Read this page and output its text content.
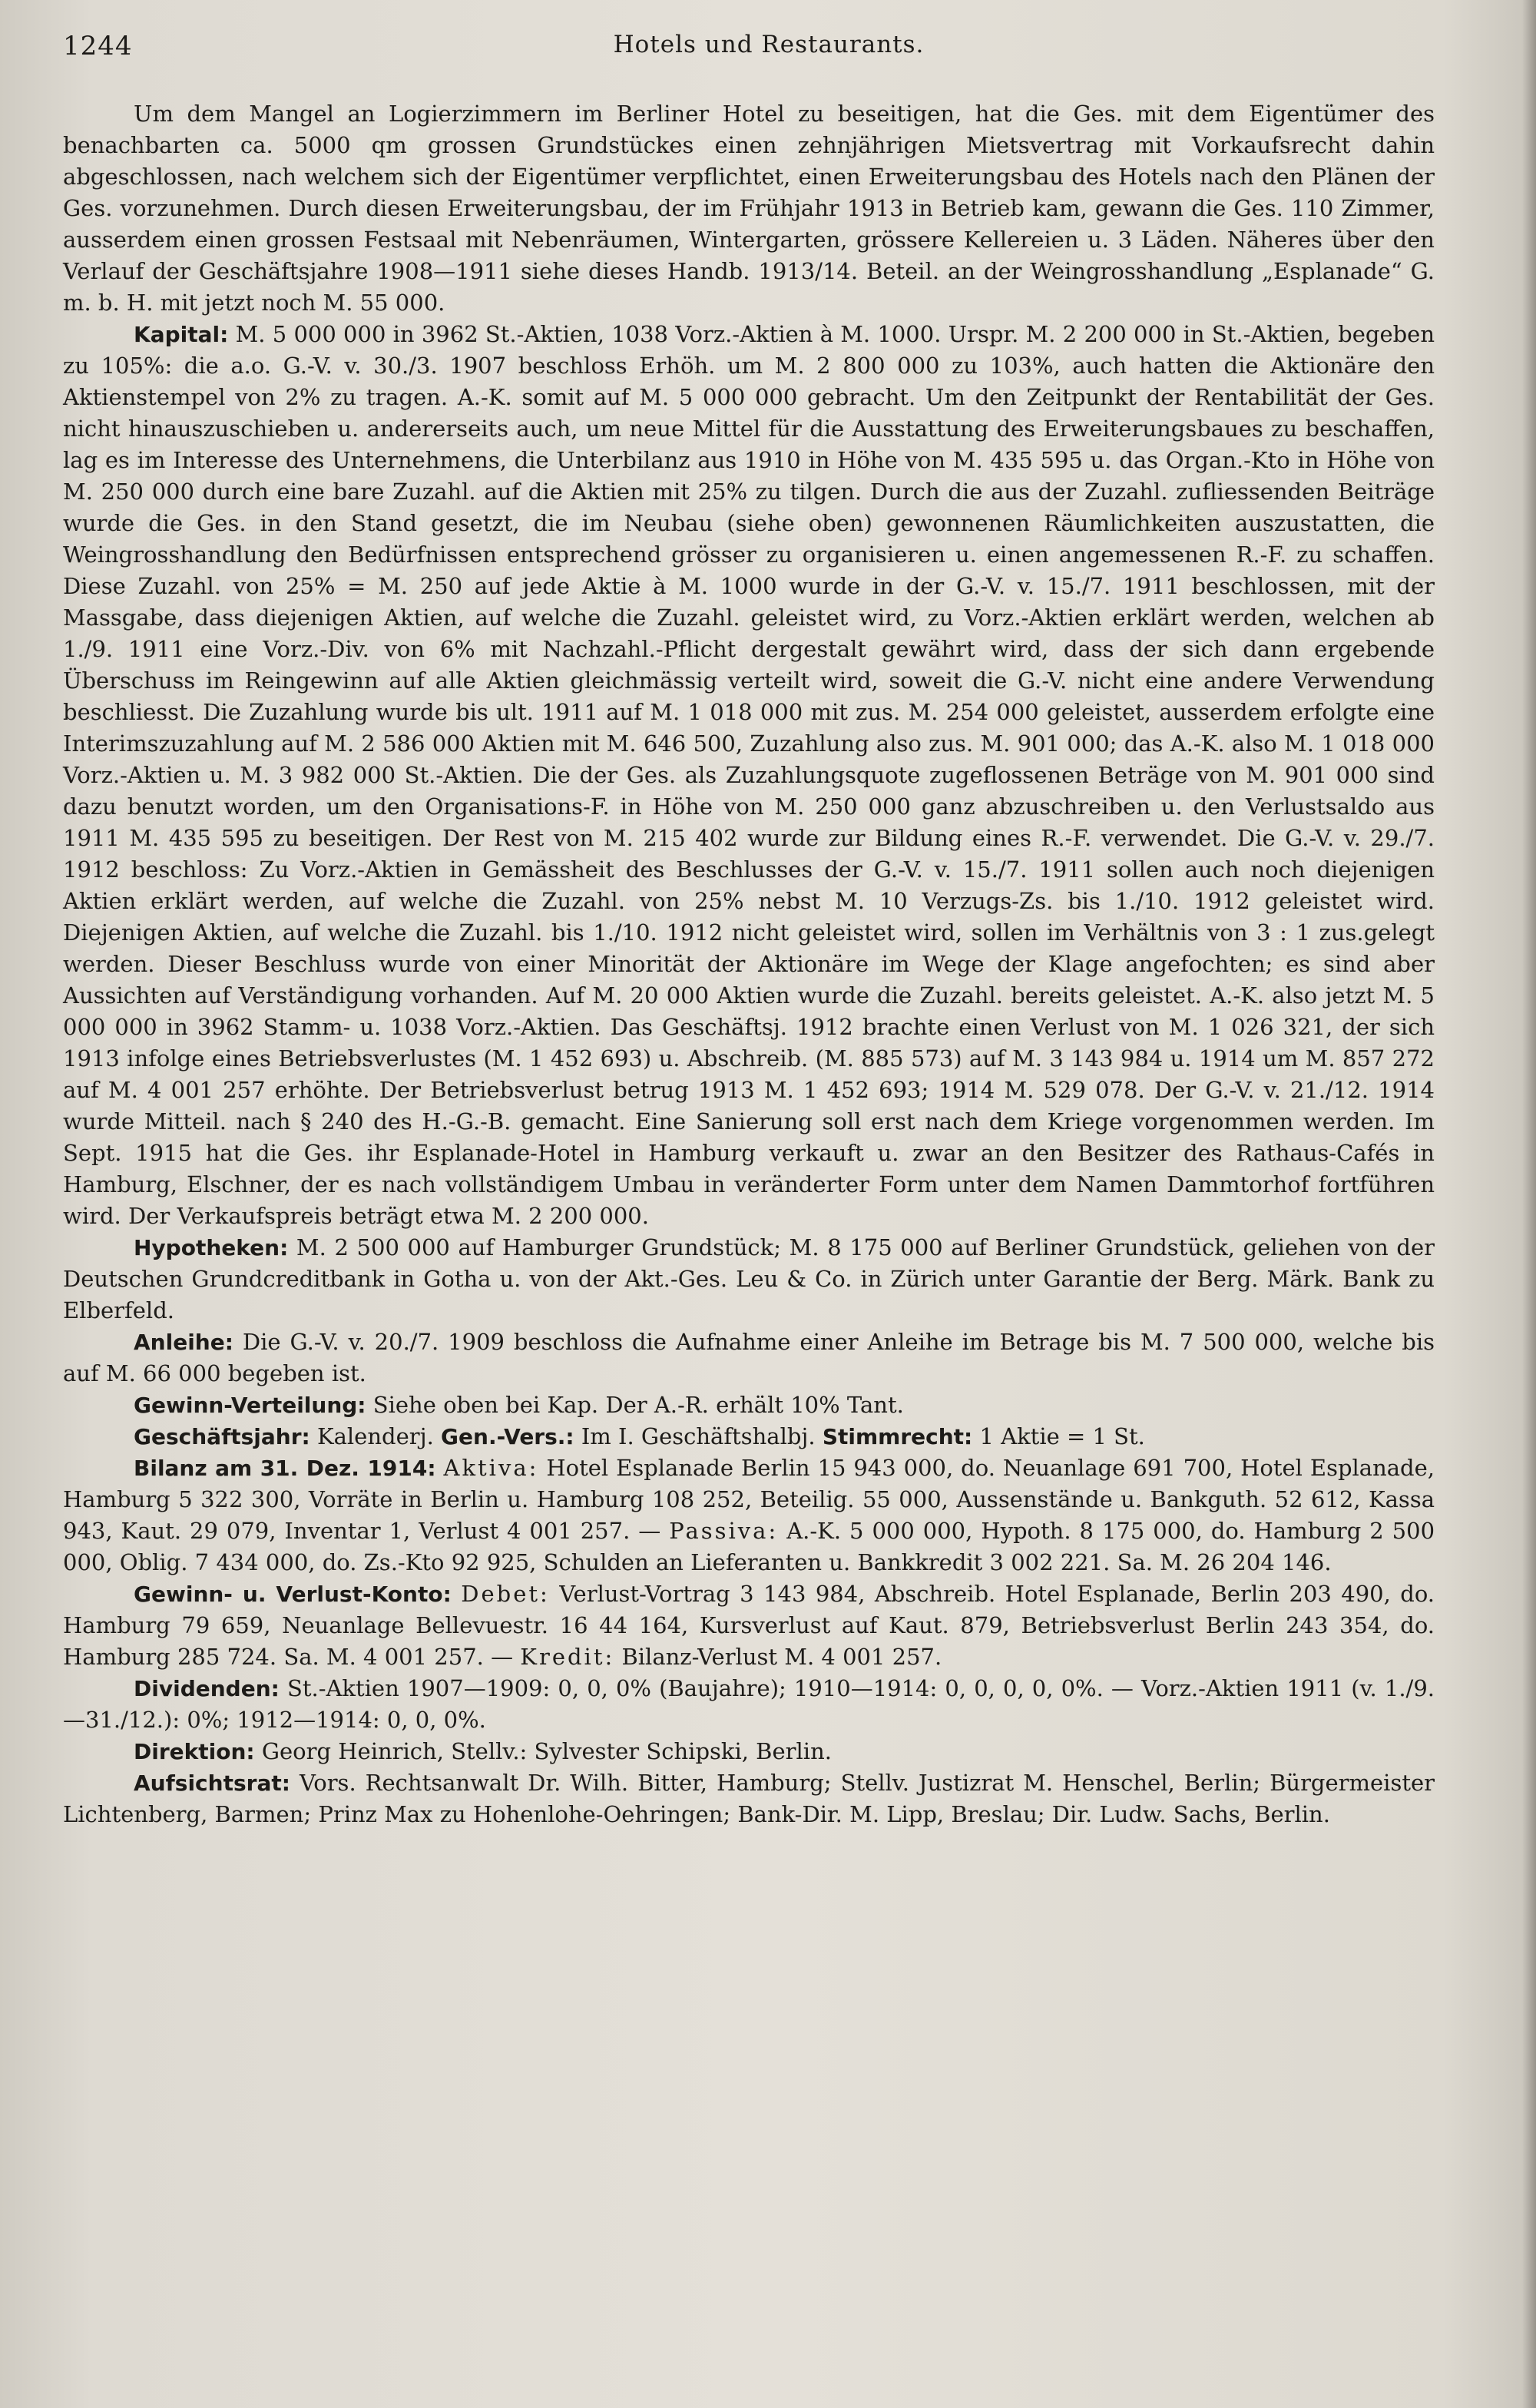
1244	Hotels und Restaurants.

Um dem Mangel an Logierzimmern im Berliner Hotel zu beseitigen, hat die Ges. mit dem Eigentümer des benachbarten ca. 5000 qm grossen Grundstückes einen zehnjährigen Mietsvertrag mit Vorkaufsrecht dahin abgeschlossen, nach welchem sich der Eigentümer verpflichtet, einen Erweiterungsbau des Hotels nach den Plänen der Ges. vorzunehmen. Durch diesen Erweiterungsbau, der im Frühjahr 1913 in Betrieb kam, gewann die Ges. 110 Zimmer, ausserdem einen grossen Festsaal mit Nebenräumen, Wintergarten, grössere Kellereien u. 3 Läden. Näheres über den Verlauf der Geschäftsjahre 1908—1911 siehe dieses Handb. 1913/14. Beteil. an der Weingrosshandlung „Esplanade“ G. m. b. H. mit jetzt noch M. 55 000.

Kapital: M. 5 000 000 in 3962 St.-Aktien, 1038 Vorz.-Aktien à M. 1000. Urspr. M. 2 200 000 in St.-Aktien, begeben zu 105%: die a.o. G.-V. v. 30./3. 1907 beschloss Erhöh. um M. 2 800 000 zu 103%, auch hatten die Aktionäre den Aktienstempel von 2% zu tragen. A.-K. somit auf M. 5 000 000 gebracht. Um den Zeitpunkt der Rentabilität der Ges. nicht hinauszuschieben u. andererseits auch, um neue Mittel für die Ausstattung des Erweiterungsbaues zu beschaffen, lag es im Interesse des Unternehmens, die Unterbilanz aus 1910 in Höhe von M. 435 595 u. das Organ.-Kto in Höhe von M. 250 000 durch eine bare Zuzahl. auf die Aktien mit 25% zu tilgen. Durch die aus der Zuzahl. zufliessenden Beiträge wurde die Ges. in den Stand gesetzt, die im Neubau (siehe oben) gewonnenen Räumlichkeiten auszustatten, die Weingrosshandlung den Bedürfnissen entsprechend grösser zu organisieren u. einen angemessenen R.-F. zu schaffen. Diese Zuzahl. von 25% = M. 250 auf jede Aktie à M. 1000 wurde in der G.-V. v. 15./7. 1911 beschlossen, mit der Massgabe, dass diejenigen Aktien, auf welche die Zuzahl. geleistet wird, zu Vorz.-Aktien erklärt werden, welchen ab 1./9. 1911 eine Vorz.-Div. von 6% mit Nachzahl.-Pflicht dergestalt gewährt wird, dass der sich dann ergebende Überschuss im Reingewinn auf alle Aktien gleichmässig verteilt wird, soweit die G.-V. nicht eine andere Verwendung beschliesst. Die Zuzahlung wurde bis ult. 1911 auf M. 1 018 000 mit zus. M. 254 000 geleistet, ausserdem erfolgte eine Interimszuzahlung auf M. 2 586 000 Aktien mit M. 646 500, Zuzahlung also zus. M. 901 000; das A.-K. also M. 1 018 000 Vorz.-Aktien u. M. 3 982 000 St.-Aktien. Die der Ges. als Zuzahlungsquote zugeflossenen Beträge von M. 901 000 sind dazu benutzt worden, um den Organisations-F. in Höhe von M. 250 000 ganz abzuschreiben u. den Verlustsaldo aus 1911 M. 435 595 zu beseitigen. Der Rest von M. 215 402 wurde zur Bildung eines R.-F. verwendet. Die G.-V. v. 29./7. 1912 beschloss: Zu Vorz.-Aktien in Gemässheit des Beschlusses der G.-V. v. 15./7. 1911 sollen auch noch diejenigen Aktien erklärt werden, auf welche die Zuzahl. von 25% nebst M. 10 Verzugs-Zs. bis 1./10. 1912 geleistet wird. Diejenigen Aktien, auf welche die Zuzahl. bis 1./10. 1912 nicht geleistet wird, sollen im Verhältnis von 3 : 1 zus.gelegt werden. Dieser Beschluss wurde von einer Minorität der Aktionäre im Wege der Klage angefochten; es sind aber Aussichten auf Verständigung vorhanden. Auf M. 20 000 Aktien wurde die Zuzahl. bereits geleistet. A.-K. also jetzt M. 5 000 000 in 3962 Stamm- u. 1038 Vorz.-Aktien. Das Geschäftsj. 1912 brachte einen Verlust von M. 1 026 321, der sich 1913 infolge eines Betriebsverlustes (M. 1 452 693) u. Abschreib. (M. 885 573) auf M. 3 143 984 u. 1914 um M. 857 272 auf M. 4 001 257 erhöhte. Der Betriebsverlust betrug 1913 M. 1 452 693; 1914 M. 529 078. Der G.-V. v. 21./12. 1914 wurde Mitteil. nach § 240 des H.-G.-B. gemacht. Eine Sanierung soll erst nach dem Kriege vorgenommen werden. Im Sept. 1915 hat die Ges. ihr Esplanade-Hotel in Hamburg verkauft u. zwar an den Besitzer des Rathaus-Cafés in Hamburg, Elschner, der es nach vollständigem Umbau in veränderter Form unter dem Namen Dammtorhof fortführen wird. Der Verkaufspreis beträgt etwa M. 2 200 000.

Hypotheken: M. 2 500 000 auf Hamburger Grundstück; M. 8 175 000 auf Berliner Grundstück, geliehen von der Deutschen Grundcreditbank in Gotha u. von der Akt.-Ges. Leu & Co. in Zürich unter Garantie der Berg. Märk. Bank zu Elberfeld.

Anleihe: Die G.-V. v. 20./7. 1909 beschloss die Aufnahme einer Anleihe im Betrage bis M. 7 500 000, welche bis auf M. 66 000 begeben ist.

Gewinn-Verteilung: Siehe oben bei Kap. Der A.-R. erhält 10% Tant.

Geschäftsjahr: Kalenderj. Gen.-Vers.: Im I. Geschäftshalbj. Stimmrecht: 1 Aktie = 1 St.

Bilanz am 31. Dez. 1914: Aktiva: Hotel Esplanade Berlin 15 943 000, do. Neuanlage 691 700, Hotel Esplanade, Hamburg 5 322 300, Vorräte in Berlin u. Hamburg 108 252, Beteilig. 55 000, Aussenstände u. Bankguth. 52 612, Kassa 943, Kaut. 29 079, Inventar 1, Verlust 4 001 257. — Passiva: A.-K. 5 000 000, Hypoth. 8 175 000, do. Hamburg 2 500 000, Oblig. 7 434 000, do. Zs.-Kto 92 925, Schulden an Lieferanten u. Bankkredit 3 002 221. Sa. M. 26 204 146.

Gewinn- u. Verlust-Konto: Debet: Verlust-Vortrag 3 143 984, Abschreib. Hotel Esplanade, Berlin 203 490, do. Hamburg 79 659, Neuanlage Bellevuestr. 16 44 164, Kursverlust auf Kaut. 879, Betriebsverlust Berlin 243 354, do. Hamburg 285 724. Sa. M. 4 001 257. — Kredit: Bilanz-Verlust M. 4 001 257.

Dividenden: St.-Aktien 1907—1909: 0, 0, 0% (Baujahre); 1910—1914: 0, 0, 0, 0, 0%. — Vorz.-Aktien 1911 (v. 1./9.—31./12.): 0%; 1912—1914: 0, 0, 0%.

Direktion: Georg Heinrich, Stellv.: Sylvester Schipski, Berlin.

Aufsichtsrat: Vors. Rechtsanwalt Dr. Wilh. Bitter, Hamburg; Stellv. Justizrat M. Henschel, Berlin; Bürgermeister Lichtenberg, Barmen; Prinz Max zu Hohenlohe-Oehringen; Bank-Dir. M. Lipp, Breslau; Dir. Ludw. Sachs, Berlin.
